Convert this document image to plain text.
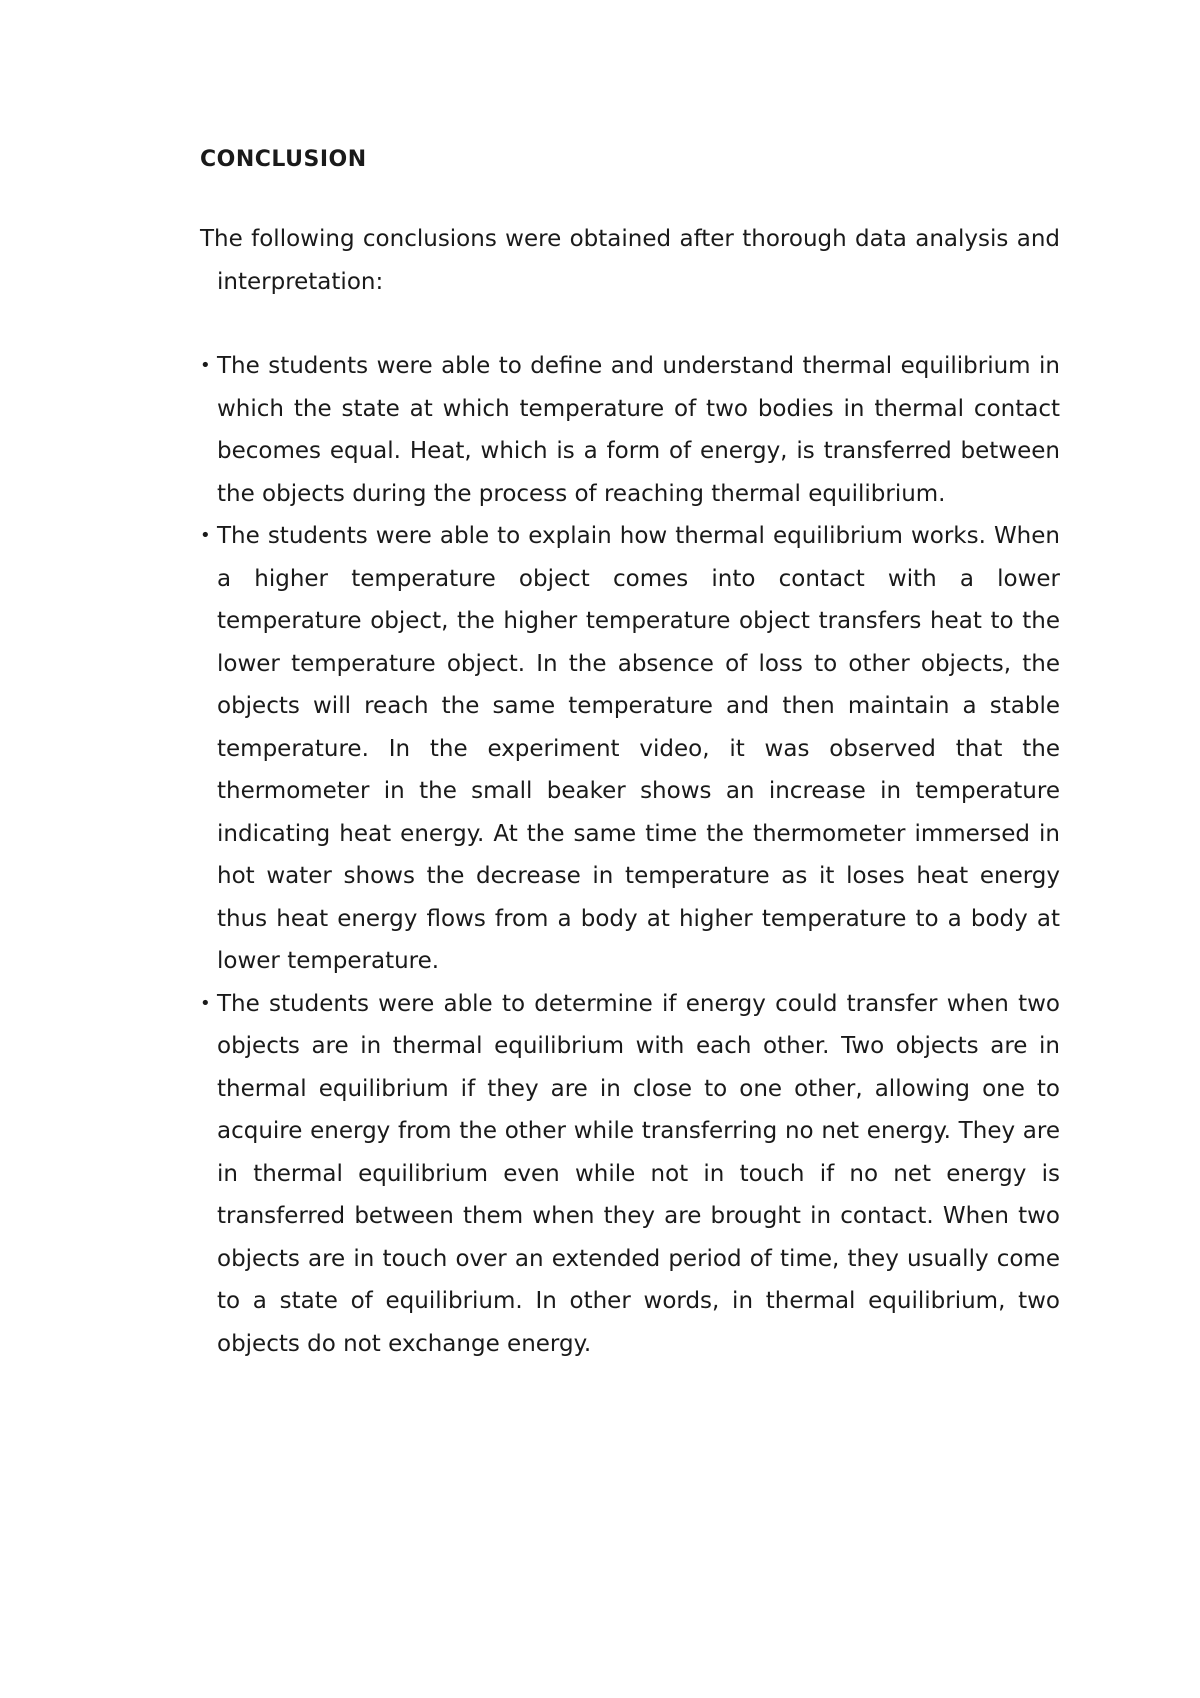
CONCLUSION

The following conclusions were obtained after thorough data analysis and interpretation:

• The students were able to define and understand thermal equilibrium in which the state at which temperature of two bodies in thermal contact becomes equal. Heat, which is a form of energy, is transferred between the objects during the process of reaching thermal equilibrium.
• The students were able to explain how thermal equilibrium works. When a higher temperature object comes into contact with a lower temperature object, the higher temperature object transfers heat to the lower temperature object. In the absence of loss to other objects, the objects will reach the same temperature and then maintain a stable temperature. In the experiment video, it was observed that the thermometer in the small beaker shows an increase in temperature indicating heat energy. At the same time the thermometer immersed in hot water shows the decrease in temperature as it loses heat energy thus heat energy flows from a body at higher temperature to a body at lower temperature.
• The students were able to determine if energy could transfer when two objects are in thermal equilibrium with each other. Two objects are in thermal equilibrium if they are in close to one other, allowing one to acquire energy from the other while transferring no net energy. They are in thermal equilibrium even while not in touch if no net energy is transferred between them when they are brought in contact. When two objects are in touch over an extended period of time, they usually come to a state of equilibrium. In other words, in thermal equilibrium, two objects do not exchange energy.
